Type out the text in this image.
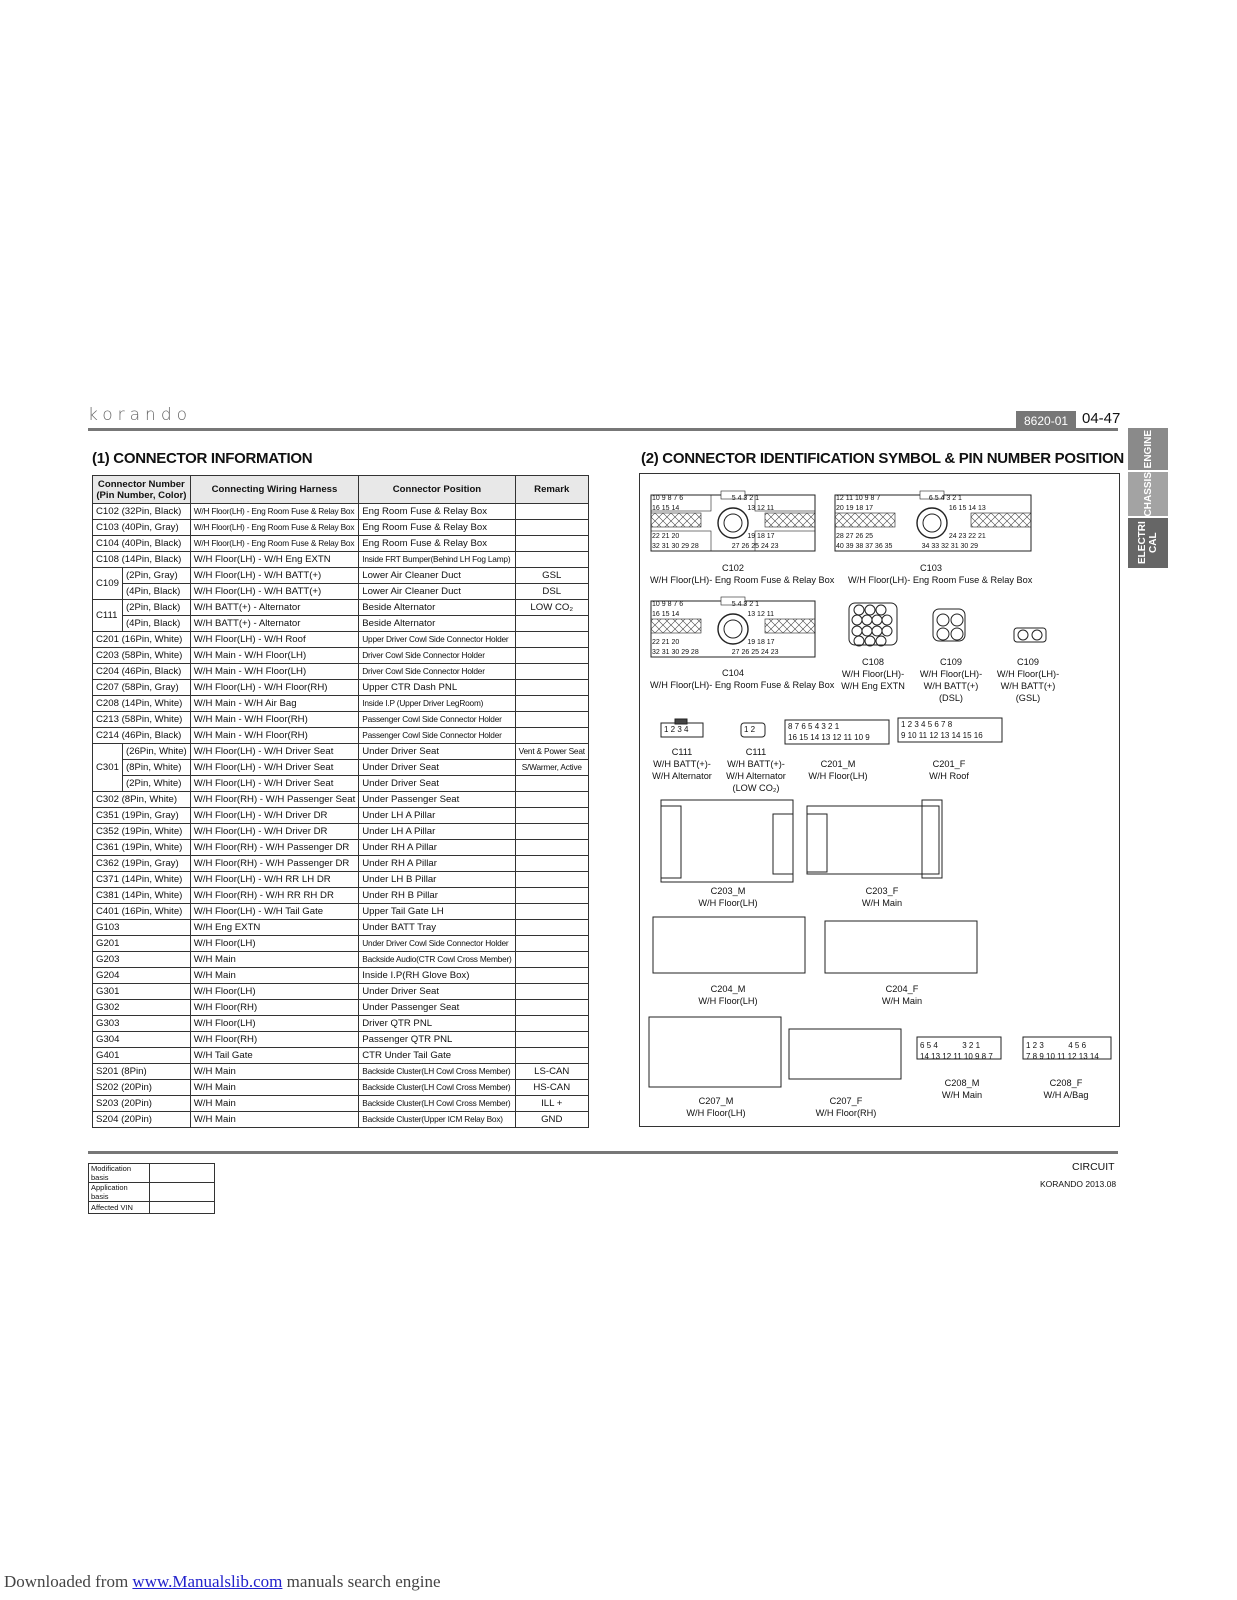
korando	8620-01 04-47
ENGINE
CHASSIS
ELECTRI CAL
(1) CONNECTOR INFORMATION
Connector Number (Pin Number, Color)		Connecting Wiring Harness	Connector Position	Remark
C102 (32Pin, Black)		W/H Floor(LH) - Eng Room Fuse & Relay Box	Eng Room Fuse & Relay Box	
C103 (40Pin, Gray)		W/H Floor(LH) - Eng Room Fuse & Relay Box	Eng Room Fuse & Relay Box	
C104 (40Pin, Black)		W/H Floor(LH) - Eng Room Fuse & Relay Box	Eng Room Fuse & Relay Box	
C108 (14Pin, Black)		W/H Floor(LH) - W/H Eng EXTN	Inside FRT Bumper(Behind LH Fog Lamp)	
C109	(2Pin, Gray)	W/H Floor(LH) - W/H BATT(+)	Lower Air Cleaner Duct	GSL
	(4Pin, Black)	W/H Floor(LH) - W/H BATT(+)	Lower Air Cleaner Duct	DSL
C111	(2Pin, Black)	W/H BATT(+) - Alternator	Beside Alternator	LOW CO₂
	(4Pin, Black)	W/H BATT(+) - Alternator	Beside Alternator	
C201 (16Pin, White)		W/H Floor(LH) - W/H Roof	Upper Driver Cowl Side Connector Holder	
C203 (58Pin, White)		W/H Main - W/H Floor(LH)	Driver Cowl Side Connector Holder	
C204 (46Pin, Black)		W/H Main - W/H Floor(LH)	Driver Cowl Side Connector Holder	
C207 (58Pin, Gray)		W/H Floor(LH) - W/H Floor(RH)	Upper CTR Dash PNL	
C208 (14Pin, White)		W/H Main - W/H Air Bag	Inside I.P (Upper Driver LegRoom)	
C213 (58Pin, White)		W/H Main - W/H Floor(RH)	Passenger Cowl Side Connector Holder	
C214 (46Pin, Black)		W/H Main - W/H Floor(RH)	Passenger Cowl Side Connector Holder	
C301	(26Pin, White)	W/H Floor(LH) - W/H Driver Seat	Under Driver Seat	Vent & Power Seat
	(8Pin, White)	W/H Floor(LH) - W/H Driver Seat	Under Driver Seat	S/Warmer, Active
	(2Pin, White)	W/H Floor(LH) - W/H Driver Seat	Under Driver Seat	
C302 (8Pin, White)		W/H Floor(RH) - W/H Passenger Seat	Under Passenger Seat	
C351 (19Pin, Gray)		W/H Floor(LH) - W/H Driver DR	Under LH A Pillar	
C352 (19Pin, White)		W/H Floor(LH) - W/H Driver DR	Under LH A Pillar	
C361 (19Pin, White)		W/H Floor(RH) - W/H Passenger DR	Under RH A Pillar	
C362 (19Pin, Gray)		W/H Floor(RH) - W/H Passenger DR	Under RH A Pillar	
C371 (14Pin, White)		W/H Floor(LH) - W/H RR LH DR	Under LH B Pillar	
C381 (14Pin, White)		W/H Floor(RH) - W/H RR RH DR	Under RH B Pillar	
C401 (16Pin, White)		W/H Floor(LH) - W/H Tail Gate	Upper Tail Gate LH	
G103		W/H Eng EXTN	Under BATT Tray	
G201		W/H Floor(LH)	Under Driver Cowl Side Connector Holder	
G203		W/H Main	Backside Audio(CTR Cowl Cross Member)	
G204		W/H Main	Inside I.P(RH Glove Box)	
G301		W/H Floor(LH)	Under Driver Seat	
G302		W/H Floor(RH)	Under Passenger Seat	
G303		W/H Floor(LH)	Driver QTR PNL	
G304		W/H Floor(RH)	Passenger QTR PNL	
G401		W/H Tail Gate	CTR Under Tail Gate	
S201 (8Pin)		W/H Main	Backside Cluster(LH Cowl Cross Member)	LS-CAN
S202 (20Pin)		W/H Main	Backside Cluster(LH Cowl Cross Member)	HS-CAN
S203 (20Pin)		W/H Main	Backside Cluster(LH Cowl Cross Member)	ILL +
S204 (20Pin)		W/H Main	Backside Cluster(Upper ICM Relay Box)	GND
(2) CONNECTOR IDENTIFICATION SYMBOL & PIN NUMBER POSITION
10 9 8 7 6                         5 4 3 2 1
16 15 14                                   13 12 11
22 21 20                                   19 18 17
32 31 30 29 28                 27 26 25 24 23
12 11 10 9 8 7                         6 5 4 3 2 1
20 19 18 17                                       16 15 14 13
28 27 26 25                                       24 23 22 21
40 39 38 37 36 35               34 33 32 31 30 29
10 9 8 7 6                         5 4 3 2 1
16 15 14                                   13 12 11
22 21 20                                   19 18 17
32 31 30 29 28                 27 26 25 24 23
1 2 3 4	1 2	8 7 6 5 4 3 2 1
16 15 14 13 12 11 10 9
1 2 3 4 5 6 7 8
9 10 11 12 13 14 15 16
1 2 3           4 5 6
7 8 9 10 11 12 13 14
6 5 4           3 2 1
14 13 12 11 10 9 8 7
C102
W/H Floor(LH)- Eng Room Fuse & Relay Box
C103
W/H Floor(LH)- Eng Room Fuse & Relay Box
C104
W/H Floor(LH)- Eng Room Fuse & Relay Box
C108
W/H Floor(LH)-
W/H Eng EXTN
C109
W/H Floor(LH)-
W/H BATT(+)
(DSL)
C109
W/H Floor(LH)-
W/H BATT(+)
(GSL)
C111
W/H BATT(+)-
W/H Alternator
C111
W/H BATT(+)-
W/H Alternator
(LOW CO₂)
C201_M
W/H Floor(LH)
C201_F
W/H Roof
C203_M
W/H Floor(LH)
C203_F
W/H Main
C204_M
W/H Floor(LH)
C204_F
W/H Main
C207_M
W/H Floor(LH)
C207_F
W/H Floor(RH)
C208_M
W/H Main
C208_F
W/H A/Bag
Modification basis	
Application basis	
Affected VIN	
CIRCUIT
KORANDO 2013.08
Downloaded from www.Manualslib.com manuals search engine
